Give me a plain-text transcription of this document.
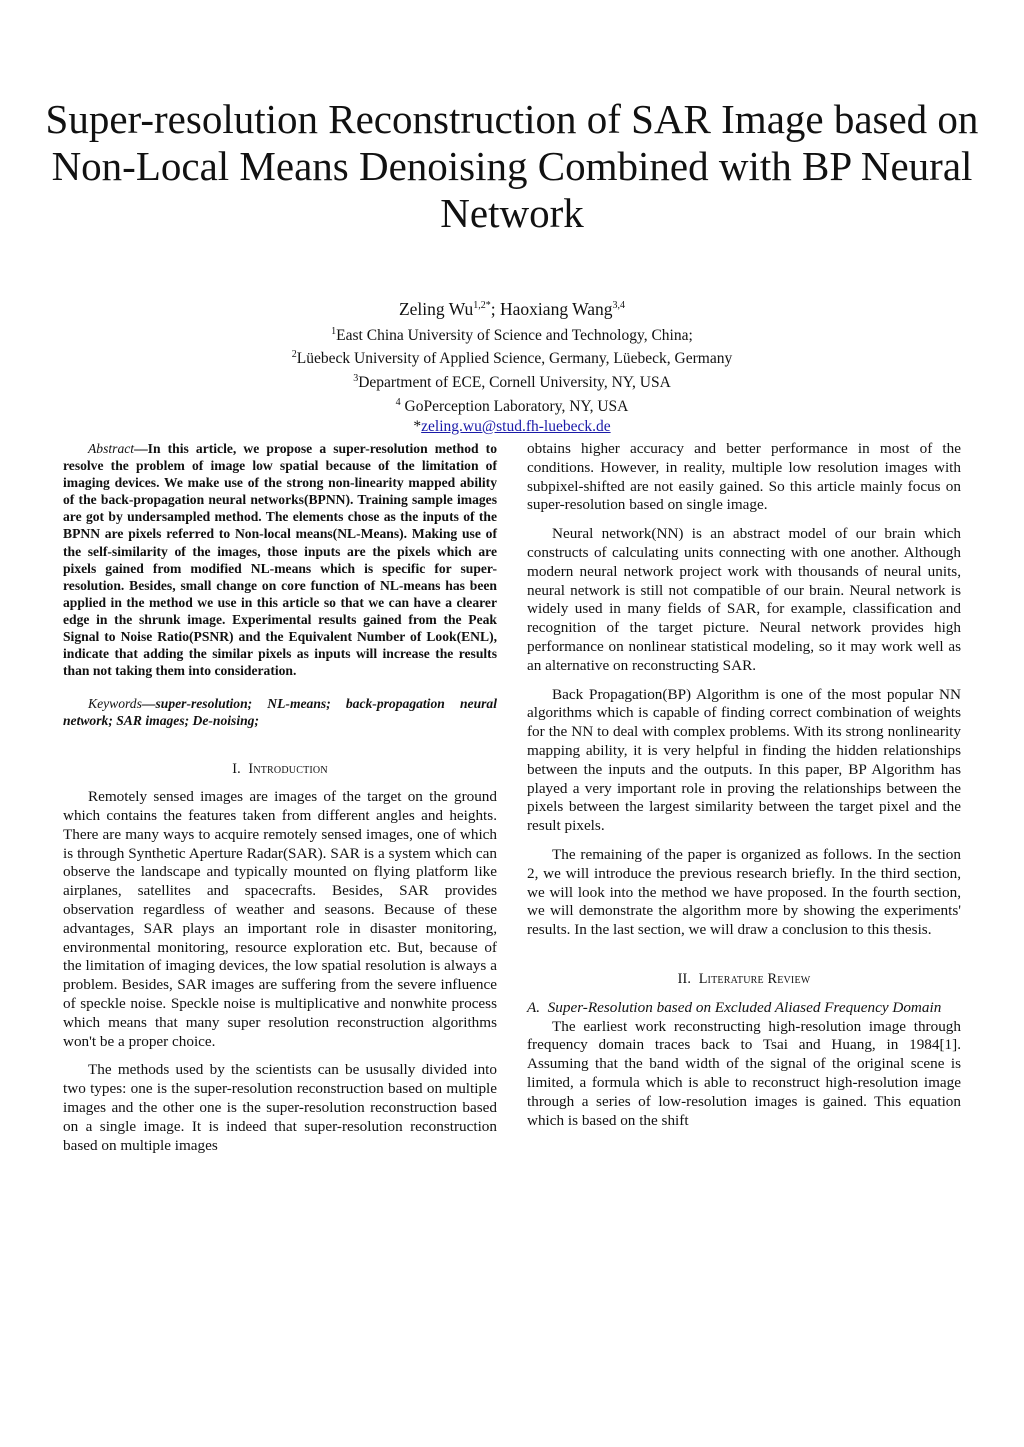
Super-resolution Reconstruction of SAR Image based on Non-Local Means Denoising Combined with BP Neural Network
Zeling $Wu^{1,2*}$; Haoxiang Wang$^{3,4}$
$^1$East China University of Science and Technology, China;
$^2$Lüebeck University of Applied Science, Germany, Lüebeck, Germany
$^3$Department of ECE, Cornell University, NY, USA
$^4$ GoPerception Laboratory, NY, USA
*zeling.wu@stud.fh-luebeck.de

Abstract—In this article, we propose a super-resolution method to resolve the problem of image low spatial because of the limitation of imaging devices. We make use of the strong non-linearity mapped ability of the back-propagation neural networks(BPNN). Training sample images are got by undersampled method. The elements chose as the inputs of the BPNN are pixels referred to Non-local means(NL-Means). Making use of the self-similarity of the images, those inputs are the pixels which are pixels gained from modified NL-means which is specific for super-resolution. Besides, small change on core function of NL-means has been applied in the method we use in this article so that we can have a clearer edge in the shrunk image. Experimental results gained from the Peak Signal to Noise Ratio(PSNR) and the Equivalent Number of Look(ENL), indicate that adding the similar pixels as inputs will increase the results than not taking them into consideration.

Keywords—super-resolution; NL-means; back-propagation neural network; SAR images; De-noising;

I. Introduction

Remotely sensed images are images of the target on the ground which contains the features taken from different angles and heights. There are many ways to acquire remotely sensed images, one of which is through Synthetic Aperture Radar(SAR). SAR is a system which can observe the landscape and typically mounted on flying platform like airplanes, satellites and spacecrafts. Besides, SAR provides observation regardless of weather and seasons. Because of these advantages, SAR plays an important role in disaster monitoring, environmental monitoring, resource exploration etc. But, because of the limitation of imaging devices, the low spatial resolution is always a problem. Besides, SAR images are suffering from the severe influence of speckle noise. Speckle noise is multiplicative and nonwhite process which means that many super resolution reconstruction algorithms won't be a proper choice.

The methods used by the scientists can be ususally divided into two types: one is the super-resolution reconstruction based on multiple images and the other one is the super-resolution reconstruction based on a single image. It is indeed that super-resolution reconstruction based on multiple images

obtains higher accuracy and better performance in most of the conditions. However, in reality, multiple low resolution images with subpixel-shifted are not easily gained. So this article mainly focus on super-resolution based on single image.

Neural network(NN) is an abstract model of our brain which constructs of calculating units connecting with one another. Although modern neural network project work with thousands of neural units, neural network is still not compatible of our brain. Neural network is widely used in many fields of SAR, for example, classification and recognition of the target picture. Neural network provides high performance on nonlinear statistical modeling, so it may work well as an alternative on reconstructing SAR.

Back Propagation(BP) Algorithm is one of the most popular NN algorithms which is capable of finding correct combination of weights for the NN to deal with complex problems. With its strong nonlinearity mapping ability, it is very helpful in finding the hidden relationships between the inputs and the outputs. In this paper, BP Algorithm has played a very important role in proving the relationships between the pixels between the largest similarity between the target pixel and the result pixels.

The remaining of the paper is organized as follows. In the section 2, we will introduce the previous research briefly. In the third section, we will look into the method we have proposed. In the fourth section, we will demonstrate the algorithm more by showing the experiments' results. In the last section, we will draw a conclusion to this thesis.

II. Literature Review

A. Super-Resolution based on Excluded Aliased Frequency Domain

The earliest work reconstructing high-resolution image through frequency domain traces back to Tsai and Huang, in 1984[1]. Assuming that the band width of the signal of the original scene is limited, a formula which is able to reconstruct high-resolution image through a series of low-resolution images is gained. This equation which is based on the shift
